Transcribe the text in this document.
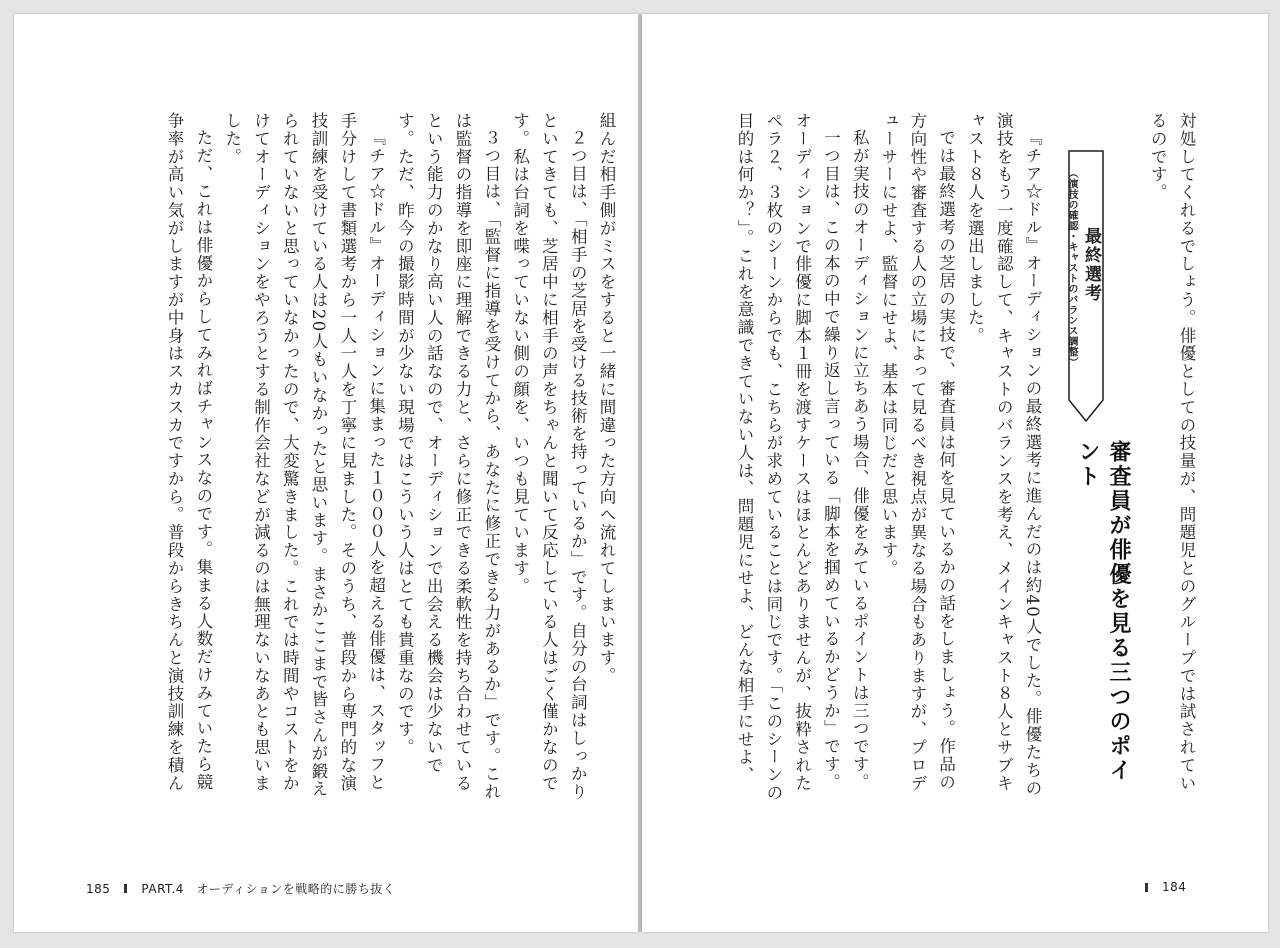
組んだ相手側がミスをすると一緒に間違った方向へ流れてしまいます。

２つ目は、「相手の芝居を受ける技術を持っているか」です。自分の台詞はしっかりといてきても、芝居中に相手の声をちゃんと聞いて反応している人はごく僅かなのです。私は台詞を喋っていない側の顔を、いつも見ています。

３つ目は、「監督に指導を受けてから、あなたに修正できる力があるか」です。これは監督の指導を即座に理解できる力と、さらに修正できる柔軟性を持ち合わせているという能力のかなり高い人の話なので、オーディションで出会える機会は少ないです。ただ、昨今の撮影時間が少ない現場ではこういう人はとても貴重なのです。

『チア☆ドル』オーディションに集まった１０００人を超える俳優は、スタッフと手分けして書類選考から一人一人を丁寧に見ました。そのうち、普段から専門的な演技訓練を受けている人は20人もいなかったと思います。まさかここまで皆さんが鍛えられていないと思っていなかったので、大変驚きました。これでは時間やコストをかけてオーディションをやろうとする制作会社などが減るのは無理ないなあとも思いました。

ただ、これは俳優からしてみればチャンスなのです。集まる人数だけみていたら競争率が高い気がしますが中身はスカスカですから。普段からきちんと演技訓練を積ん	対処してくれるでしょう。俳優としての技量が、問題児とのグループでは試されているのです。

最終選考
（演技の確認・キャストのバランス調整）
審査員が俳優を見る三つのポイント

『チア☆ドル』オーディションの最終選考に進んだのは約40人でした。俳優たちの演技をもう一度確認して、キャストのバランスを考え、メインキャスト８人とサブキャスト８人を選出しました。

では最終選考の芝居の実技で、審査員は何を見ているかの話をしましょう。作品の方向性や審査する人の立場によって見るべき視点が異なる場合もありますが、プロデューサーにせよ、監督にせよ、基本は同じだと思います。

私が実技のオーディションに立ちあう場合、俳優をみているポイントは三つです。

一つ目は、この本の中で繰り返し言っている「脚本を掴めているかどうか」です。オーディションで俳優に脚本１冊を渡すケースはほとんどありませんが、抜粋されたペラ２、３枚のシーンからでも、こちらが求めていることは同じです。「このシーンの目的は何か？」。これを意識できていない人は、問題児にせよ、どんな相手にせよ、

185	PART.4　オーディションを戦略的に勝ち抜く	184
